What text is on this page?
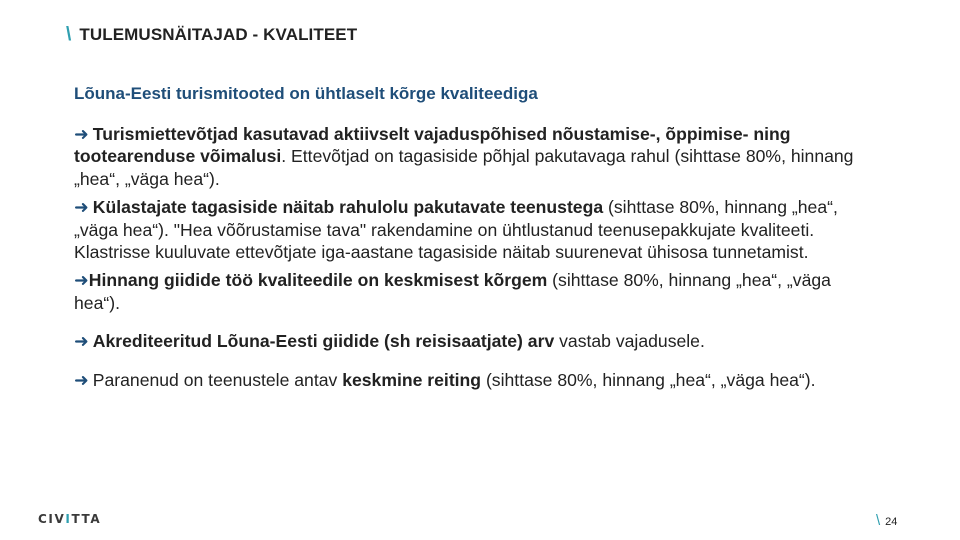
\ TULEMUSNÄITAJAD - KVALITEET
Lõuna-Eesti turismitooted on ühtlaselt kõrge kvaliteediga

➜ Turismiettevõtjad kasutavad aktiivselt vajaduspõhised nõustamise-, õppimise- ning tootearenduse võimalusi. Ettevõtjad on tagasiside põhjal pakutavaga rahul (sihttase 80%, hinnang „hea“, „väga hea“).

➜ Külastajate tagasiside näitab rahulolu pakutavate teenustega (sihttase 80%, hinnang „hea“, „väga hea“). "Hea võõrustamise tava" rakendamine on ühtlustanud teenusepakkujate kvaliteeti. Klastrisse kuuluvate ettevõtjate iga-aastane tagasiside näitab suurenevat ühisosa tunnetamist.

➜Hinnang giidide töö kvaliteedile on keskmisest kõrgem (sihttase 80%, hinnang „hea“, „väga hea“).

➜ Akrediteeritud Lõuna-Eesti giidide (sh reisisaatjate) arv vastab vajadusele.

➜ Paranenud on teenustele antav keskmine reiting (sihttase 80%, hinnang „hea“, „väga hea“).

CIVITTA	\ 24
